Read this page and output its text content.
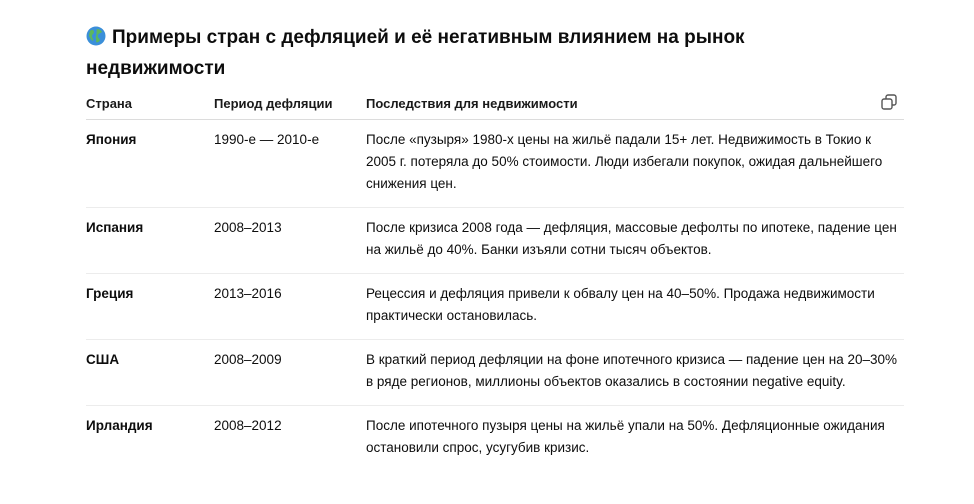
Примеры стран с дефляцией и её негативным влиянием на рынок недвижимости
Страна	Период дефляции	Последствия для недвижимости
Япония	1990-е — 2010-е	После «пузыря» 1980-х цены на жильё падали 15+ лет. Недвижимость в Токио к 2005 г. потеряла до 50% стоимости. Люди избегали покупок, ожидая дальнейшего снижения цен.
Испания	2008–2013	После кризиса 2008 года — дефляция, массовые дефолты по ипотеке, падение цен на жильё до 40%. Банки изъяли сотни тысяч объектов.
Греция	2013–2016	Рецессия и дефляция привели к обвалу цен на 40–50%. Продажа недвижимости практически остановилась.
США	2008–2009	В краткий период дефляции на фоне ипотечного кризиса — падение цен на 20–30% в ряде регионов, миллионы объектов оказались в состоянии negative equity.
Ирландия	2008–2012	После ипотечного пузыря цены на жильё упали на 50%. Дефляционные ожидания остановили спрос, усугубив кризис.
